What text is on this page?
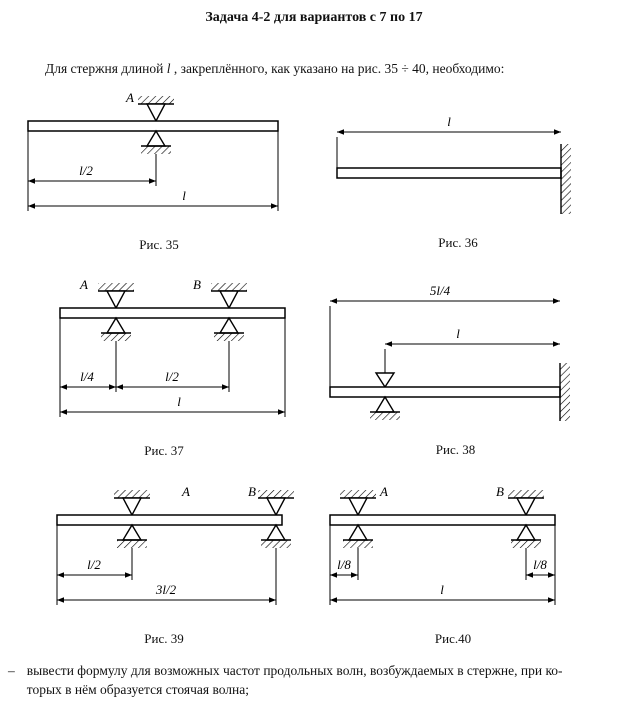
Задача 4-2 для вариантов с 7 по 17

Для стержня длиной l , закреплённого, как указано на рис. 35 ÷ 40, необходимо:

A
l/2
l
Рис. 35
l
Рис. 36
A	B
l/4	l/2
l
Рис. 37
5l/4
l
Рис. 38
A	B
l/2
3l/2
Рис. 39
A	B
l/8	l/8
l
Рис.40
– вывести формулу для возможных частот продольных волн, возбуждаемых в стержне, при ко-
торых в нём образуется стоячая волна;
